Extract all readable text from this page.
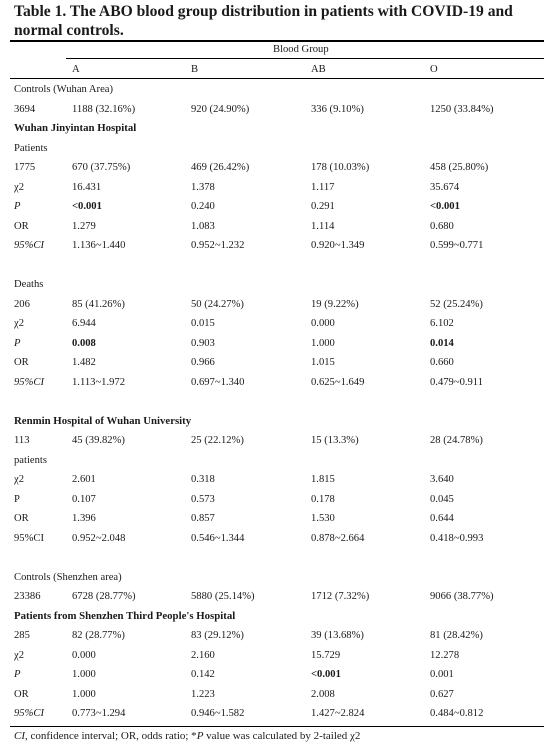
Table 1. The ABO blood group distribution in patients with COVID-19 and normal controls.
Blood Group
A	B	AB	O
Controls (Wuhan Area)
3694	1188 (32.16%)	920 (24.90%)	336 (9.10%)	1250 (33.84%)
Wuhan Jinyintan Hospital
Patients
1775	670 (37.75%)	469 (26.42%)	178 (10.03%)	458 (25.80%)
χ2	16.431	1.378	1.117	35.674
P	<0.001	0.240	0.291	<0.001
OR	1.279	1.083	1.114	0.680
95%CI	1.136~1.440	0.952~1.232	0.920~1.349	0.599~0.771
Deaths
206	85 (41.26%)	50 (24.27%)	19 (9.22%)	52 (25.24%)
χ2	6.944	0.015	0.000	6.102
P	0.008	0.903	1.000	0.014
OR	1.482	0.966	1.015	0.660
95%CI	1.113~1.972	0.697~1.340	0.625~1.649	0.479~0.911
Renmin Hospital of Wuhan University
113	45 (39.82%)	25 (22.12%)	15 (13.3%)	28 (24.78%)
patients
χ2	2.601	0.318	1.815	3.640
P	0.107	0.573	0.178	0.045
OR	1.396	0.857	1.530	0.644
95%CI	0.952~2.048	0.546~1.344	0.878~2.664	0.418~0.993
Controls (Shenzhen area)
23386	6728 (28.77%)	5880 (25.14%)	1712 (7.32%)	9066 (38.77%)
Patients from Shenzhen Third People's Hospital
285	82 (28.77%)	83 (29.12%)	39 (13.68%)	81 (28.42%)
χ2	0.000	2.160	15.729	12.278
P	1.000	0.142	<0.001	0.001
OR	1.000	1.223	2.008	0.627
95%CI	0.773~1.294	0.946~1.582	1.427~2.824	0.484~0.812
CI, confidence interval; OR, odds ratio; *P value was calculated by 2-tailed χ2
